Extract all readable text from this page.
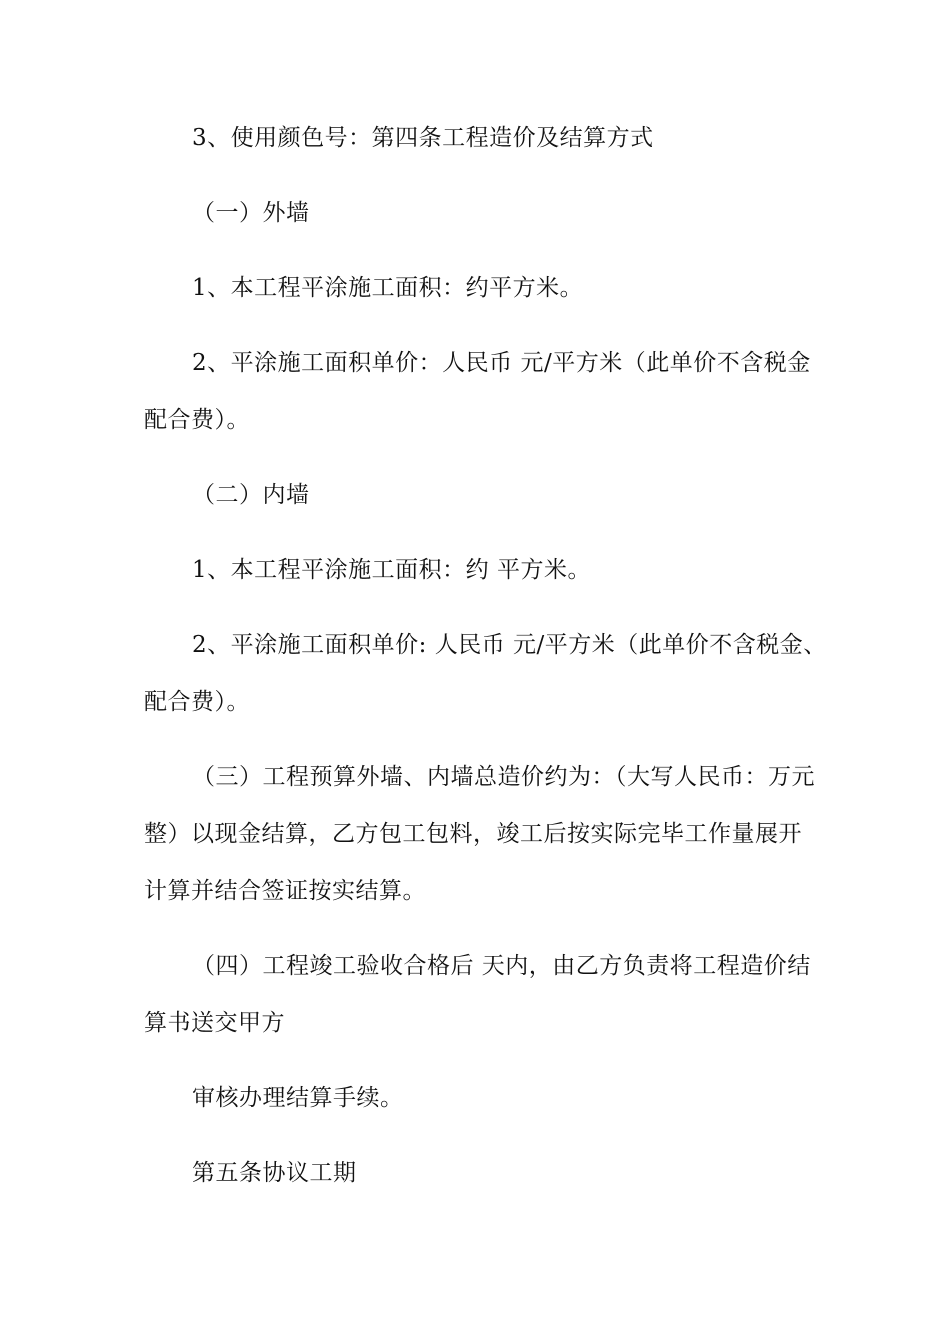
3、使用颜色号：第四条工程造价及结算方式
（一）外墙
1、本工程平涂施工面积：约平方米。
2、平涂施工面积单价：人民币 元/平方米（此单价不含税金
配合费）。
（二）内墙
1、本工程平涂施工面积：约 平方米。
2、平涂施工面积单价: 人民币 元/平方米（此单价不含税金、
配合费）。
（三）工程预算外墙、内墙总造价约为：（大写人民币：万元
整）以现金结算，乙方包工包料，竣工后按实际完毕工作量展开
计算并结合签证按实结算。
（四）工程竣工验收合格后 天内，由乙方负责将工程造价结
算书送交甲方
审核办理结算手续。
第五条协议工期
